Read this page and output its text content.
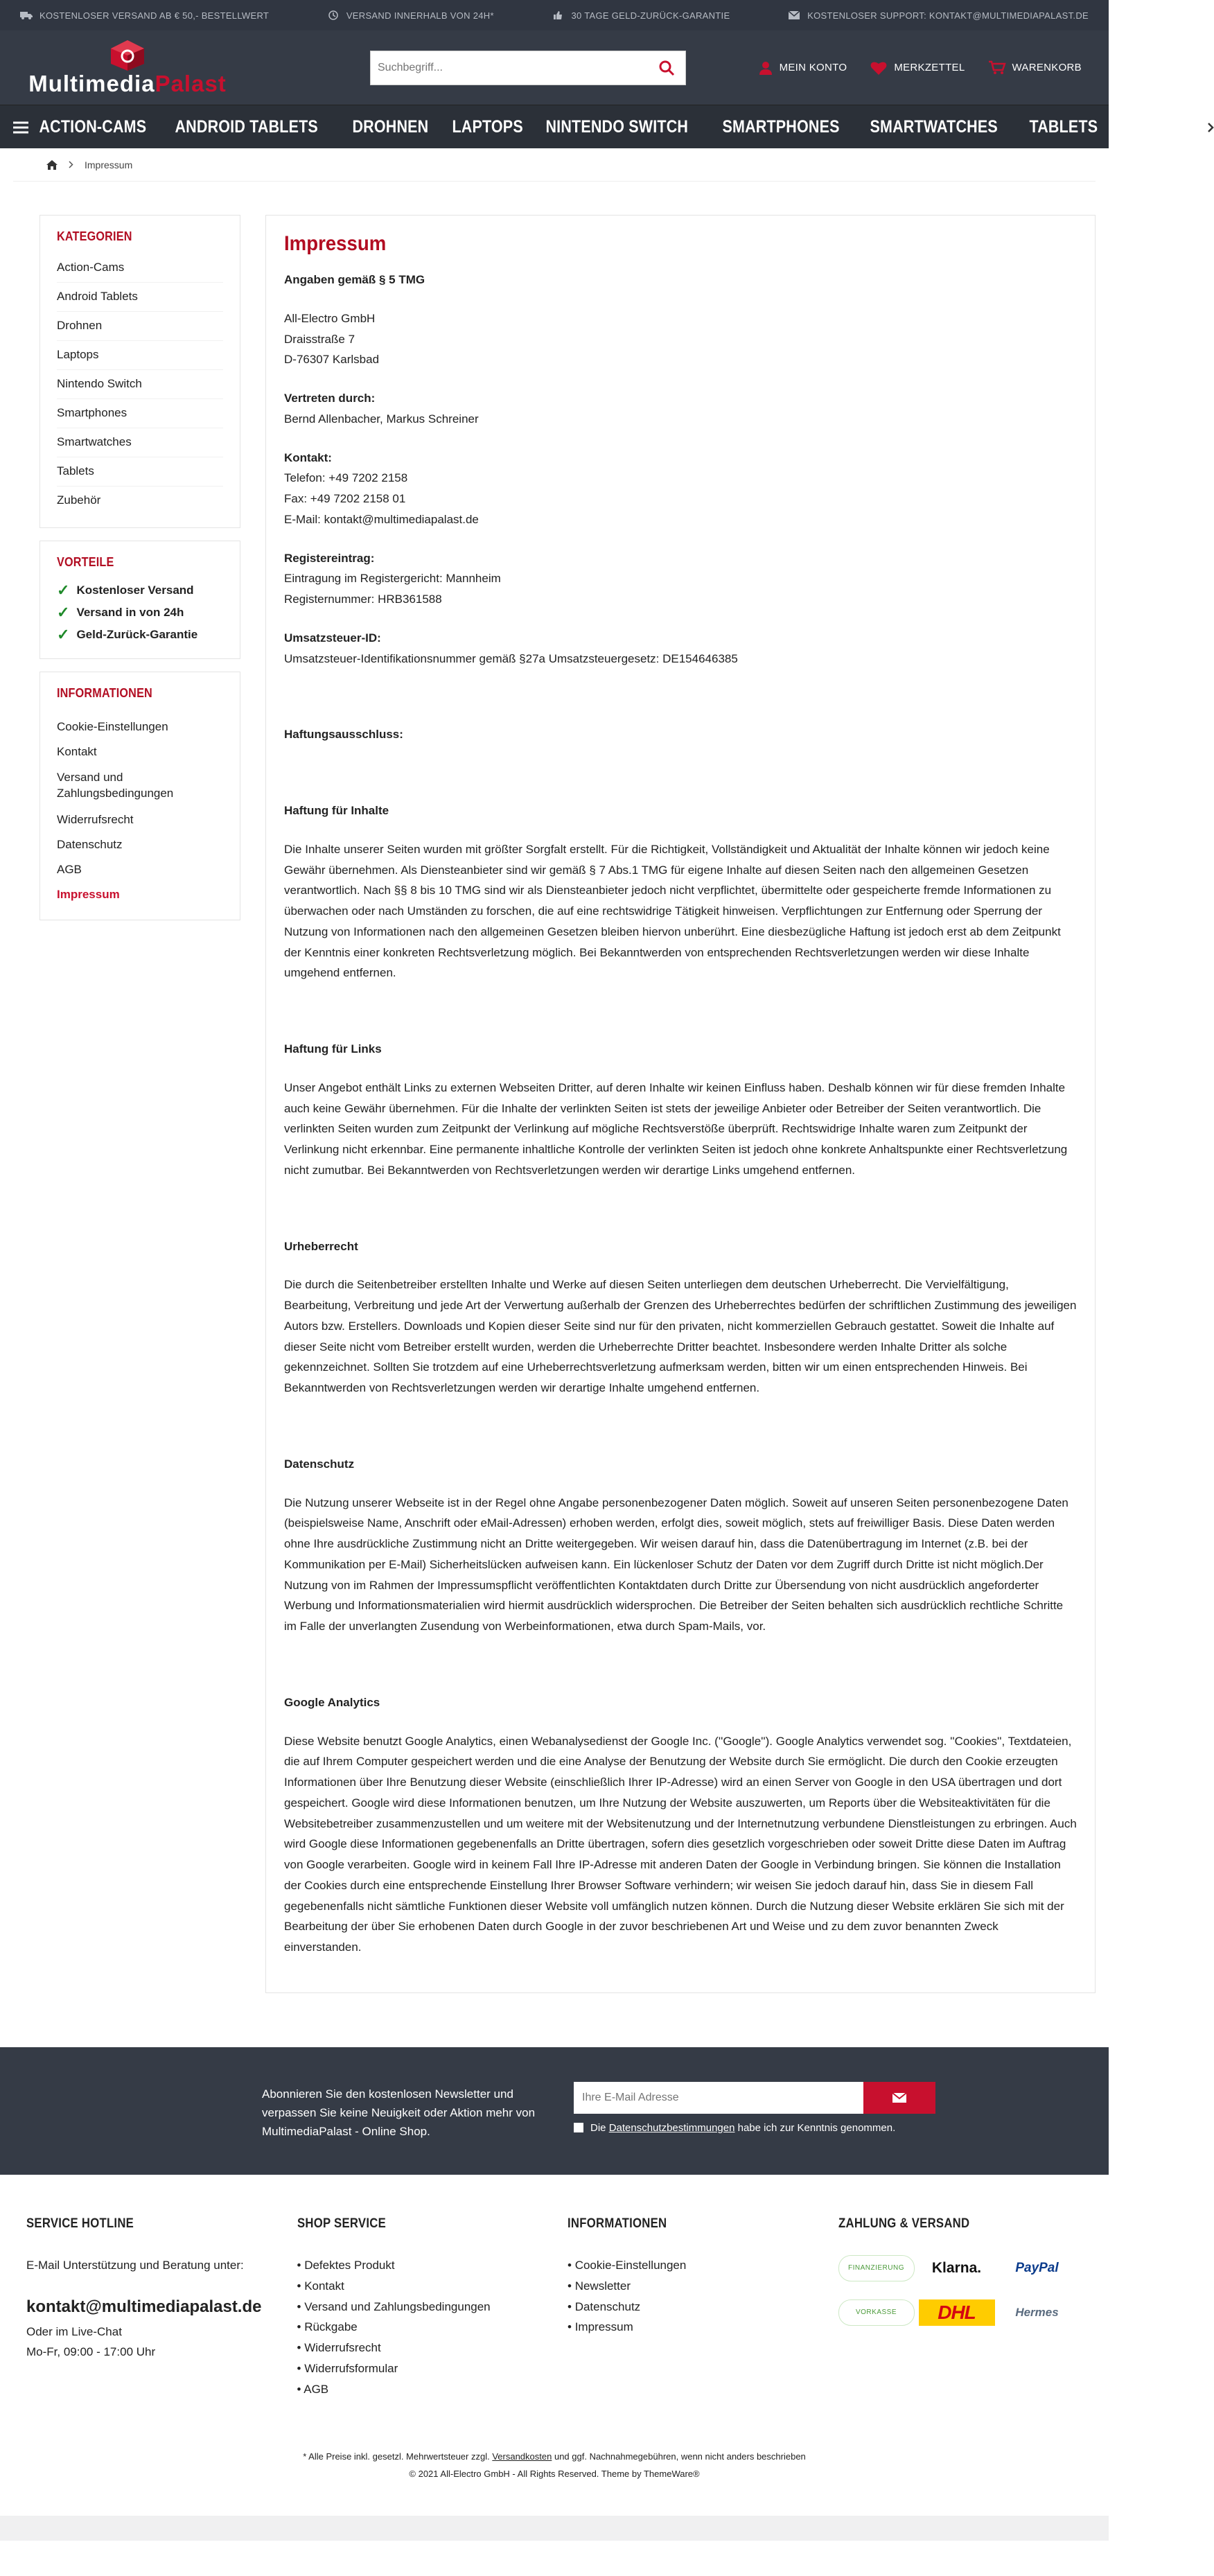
KOSTENLOSER VERSAND AB € 50,- BESTELLWERT	VERSAND INNERHALB VON 24H*	30 TAGE GELD-ZURÜCK-GARANTIE	KOSTENLOSER SUPPORT: KONTAKT@MULTIMEDIAPALAST.DE
MultimediaPalast
Suchbegriff...
MEIN KONTO	MERKZETTEL	WARENKORB
ACTION-CAMS	ANDROID TABLETS	DROHNEN	LAPTOPS	NINTENDO SWITCH	SMARTPHONES	SMARTWATCHES	TABLETS	ZUBEHÖR
Impressum
KATEGORIEN
Action-Cams
Android Tablets
Drohnen
Laptops
Nintendo Switch
Smartphones
Smartwatches
Tablets
Zubehör
VORTEILE
✓ Kostenloser Versand
✓ Versand in von 24h
✓ Geld-Zurück-Garantie
INFORMATIONEN
Cookie-Einstellungen
Kontakt
Versand und Zahlungsbedingungen
Widerrufsrecht
Datenschutz
AGB
Impressum
Impressum

Angaben gemäß § 5 TMG

All-Electro GmbH

Draisstraße 7

D-76307 Karlsbad

Vertreten durch:

Bernd Allenbacher, Markus Schreiner

Kontakt:

Telefon: +49 7202 2158

Fax: +49 7202 2158 01

E-Mail: kontakt@multimediapalast.de

Registereintrag:

Eintragung im Registergericht: Mannheim

Registernummer: HRB361588

Umsatzsteuer-ID:

Umsatzsteuer-Identifikationsnummer gemäß §27a Umsatzsteuergesetz: DE154646385

Haftungsausschluss:

Haftung für Inhalte

Die Inhalte unserer Seiten wurden mit größter Sorgfalt erstellt. Für die Richtigkeit, Vollständigkeit und Aktualität der Inhalte können wir jedoch keine Gewähr übernehmen. Als Diensteanbieter sind wir gemäß § 7 Abs.1 TMG für eigene Inhalte auf diesen Seiten nach den allgemeinen Gesetzen verantwortlich. Nach §§ 8 bis 10 TMG sind wir als Diensteanbieter jedoch nicht verpflichtet, übermittelte oder gespeicherte fremde Informationen zu überwachen oder nach Umständen zu forschen, die auf eine rechtswidrige Tätigkeit hinweisen. Verpflichtungen zur Entfernung oder Sperrung der Nutzung von Informationen nach den allgemeinen Gesetzen bleiben hiervon unberührt. Eine diesbezügliche Haftung ist jedoch erst ab dem Zeitpunkt der Kenntnis einer konkreten Rechtsverletzung möglich. Bei Bekanntwerden von entsprechenden Rechtsverletzungen werden wir diese Inhalte umgehend entfernen.

Haftung für Links

Unser Angebot enthält Links zu externen Webseiten Dritter, auf deren Inhalte wir keinen Einfluss haben. Deshalb können wir für diese fremden Inhalte auch keine Gewähr übernehmen. Für die Inhalte der verlinkten Seiten ist stets der jeweilige Anbieter oder Betreiber der Seiten verantwortlich. Die verlinkten Seiten wurden zum Zeitpunkt der Verlinkung auf mögliche Rechtsverstöße überprüft. Rechtswidrige Inhalte waren zum Zeitpunkt der Verlinkung nicht erkennbar. Eine permanente inhaltliche Kontrolle der verlinkten Seiten ist jedoch ohne konkrete Anhaltspunkte einer Rechtsverletzung nicht zumutbar. Bei Bekanntwerden von Rechtsverletzungen werden wir derartige Links umgehend entfernen.

Urheberrecht

Die durch die Seitenbetreiber erstellten Inhalte und Werke auf diesen Seiten unterliegen dem deutschen Urheberrecht. Die Vervielfältigung, Bearbeitung, Verbreitung und jede Art der Verwertung außerhalb der Grenzen des Urheberrechtes bedürfen der schriftlichen Zustimmung des jeweiligen Autors bzw. Erstellers. Downloads und Kopien dieser Seite sind nur für den privaten, nicht kommerziellen Gebrauch gestattet. Soweit die Inhalte auf dieser Seite nicht vom Betreiber erstellt wurden, werden die Urheberrechte Dritter beachtet. Insbesondere werden Inhalte Dritter als solche gekennzeichnet. Sollten Sie trotzdem auf eine Urheberrechtsverletzung aufmerksam werden, bitten wir um einen entsprechenden Hinweis. Bei Bekanntwerden von Rechtsverletzungen werden wir derartige Inhalte umgehend entfernen.

Datenschutz

Die Nutzung unserer Webseite ist in der Regel ohne Angabe personenbezogener Daten möglich. Soweit auf unseren Seiten personenbezogene Daten (beispielsweise Name, Anschrift oder eMail-Adressen) erhoben werden, erfolgt dies, soweit möglich, stets auf freiwilliger Basis. Diese Daten werden ohne Ihre ausdrückliche Zustimmung nicht an Dritte weitergegeben. Wir weisen darauf hin, dass die Datenübertragung im Internet (z.B. bei der Kommunikation per E-Mail) Sicherheitslücken aufweisen kann. Ein lückenloser Schutz der Daten vor dem Zugriff durch Dritte ist nicht möglich.Der Nutzung von im Rahmen der Impressumspflicht veröffentlichten Kontaktdaten durch Dritte zur Übersendung von nicht ausdrücklich angeforderter Werbung und Informationsmaterialien wird hiermit ausdrücklich widersprochen. Die Betreiber der Seiten behalten sich ausdrücklich rechtliche Schritte im Falle der unverlangten Zusendung von Werbeinformationen, etwa durch Spam-Mails, vor.

Google Analytics

Diese Website benutzt Google Analytics, einen Webanalysedienst der Google Inc. (''Google''). Google Analytics verwendet sog. ''Cookies'', Textdateien, die auf Ihrem Computer gespeichert werden und die eine Analyse der Benutzung der Website durch Sie ermöglicht. Die durch den Cookie erzeugten Informationen über Ihre Benutzung dieser Website (einschließlich Ihrer IP-Adresse) wird an einen Server von Google in den USA übertragen und dort gespeichert. Google wird diese Informationen benutzen, um Ihre Nutzung der Website auszuwerten, um Reports über die Websiteaktivitäten für die Websitebetreiber zusammenzustellen und um weitere mit der Websitenutzung und der Internetnutzung verbundene Dienstleistungen zu erbringen. Auch wird Google diese Informationen gegebenenfalls an Dritte übertragen, sofern dies gesetzlich vorgeschrieben oder soweit Dritte diese Daten im Auftrag von Google verarbeiten. Google wird in keinem Fall Ihre IP-Adresse mit anderen Daten der Google in Verbindung bringen. Sie können die Installation der Cookies durch eine entsprechende Einstellung Ihrer Browser Software verhindern; wir weisen Sie jedoch darauf hin, dass Sie in diesem Fall gegebenenfalls nicht sämtliche Funktionen dieser Website voll umfänglich nutzen können. Durch die Nutzung dieser Website erklären Sie sich mit der Bearbeitung der über Sie erhobenen Daten durch Google in der zuvor beschriebenen Art und Weise und zu dem zuvor benannten Zweck einverstanden.

Abonnieren Sie den kostenlosen Newsletter und verpassen Sie keine Neuigkeit oder Aktion mehr von MultimediaPalast - Online Shop.
Ihre E-Mail Adresse	Die Datenschutzbestimmungen habe ich zur Kenntnis genommen.
SERVICE HOTLINE

E-Mail Unterstützung und Beratung unter:

kontakt@multimediapalast.de

Oder im Live-Chat

Mo-Fr, 09:00 - 17:00 Uhr

SHOP SERVICE
• Defektes Produkt
• Kontakt
• Versand und Zahlungsbedingungen
• Rückgabe
• Widerrufsrecht
• Widerrufsformular
• AGB
INFORMATIONEN
• Cookie-Einstellungen
• Newsletter
• Datenschutz
• Impressum
ZAHLUNG & VERSAND
FINANZIERUNG	Klarna.	PayPal
VORKASSE	DHL	Hermes
* Alle Preise inkl. gesetzl. Mehrwertsteuer zzgl. Versandkosten und ggf. Nachnahmegebühren, wenn nicht anders beschrieben
© 2021 All-Electro GmbH - All Rights Reserved. Theme by ThemeWare®
